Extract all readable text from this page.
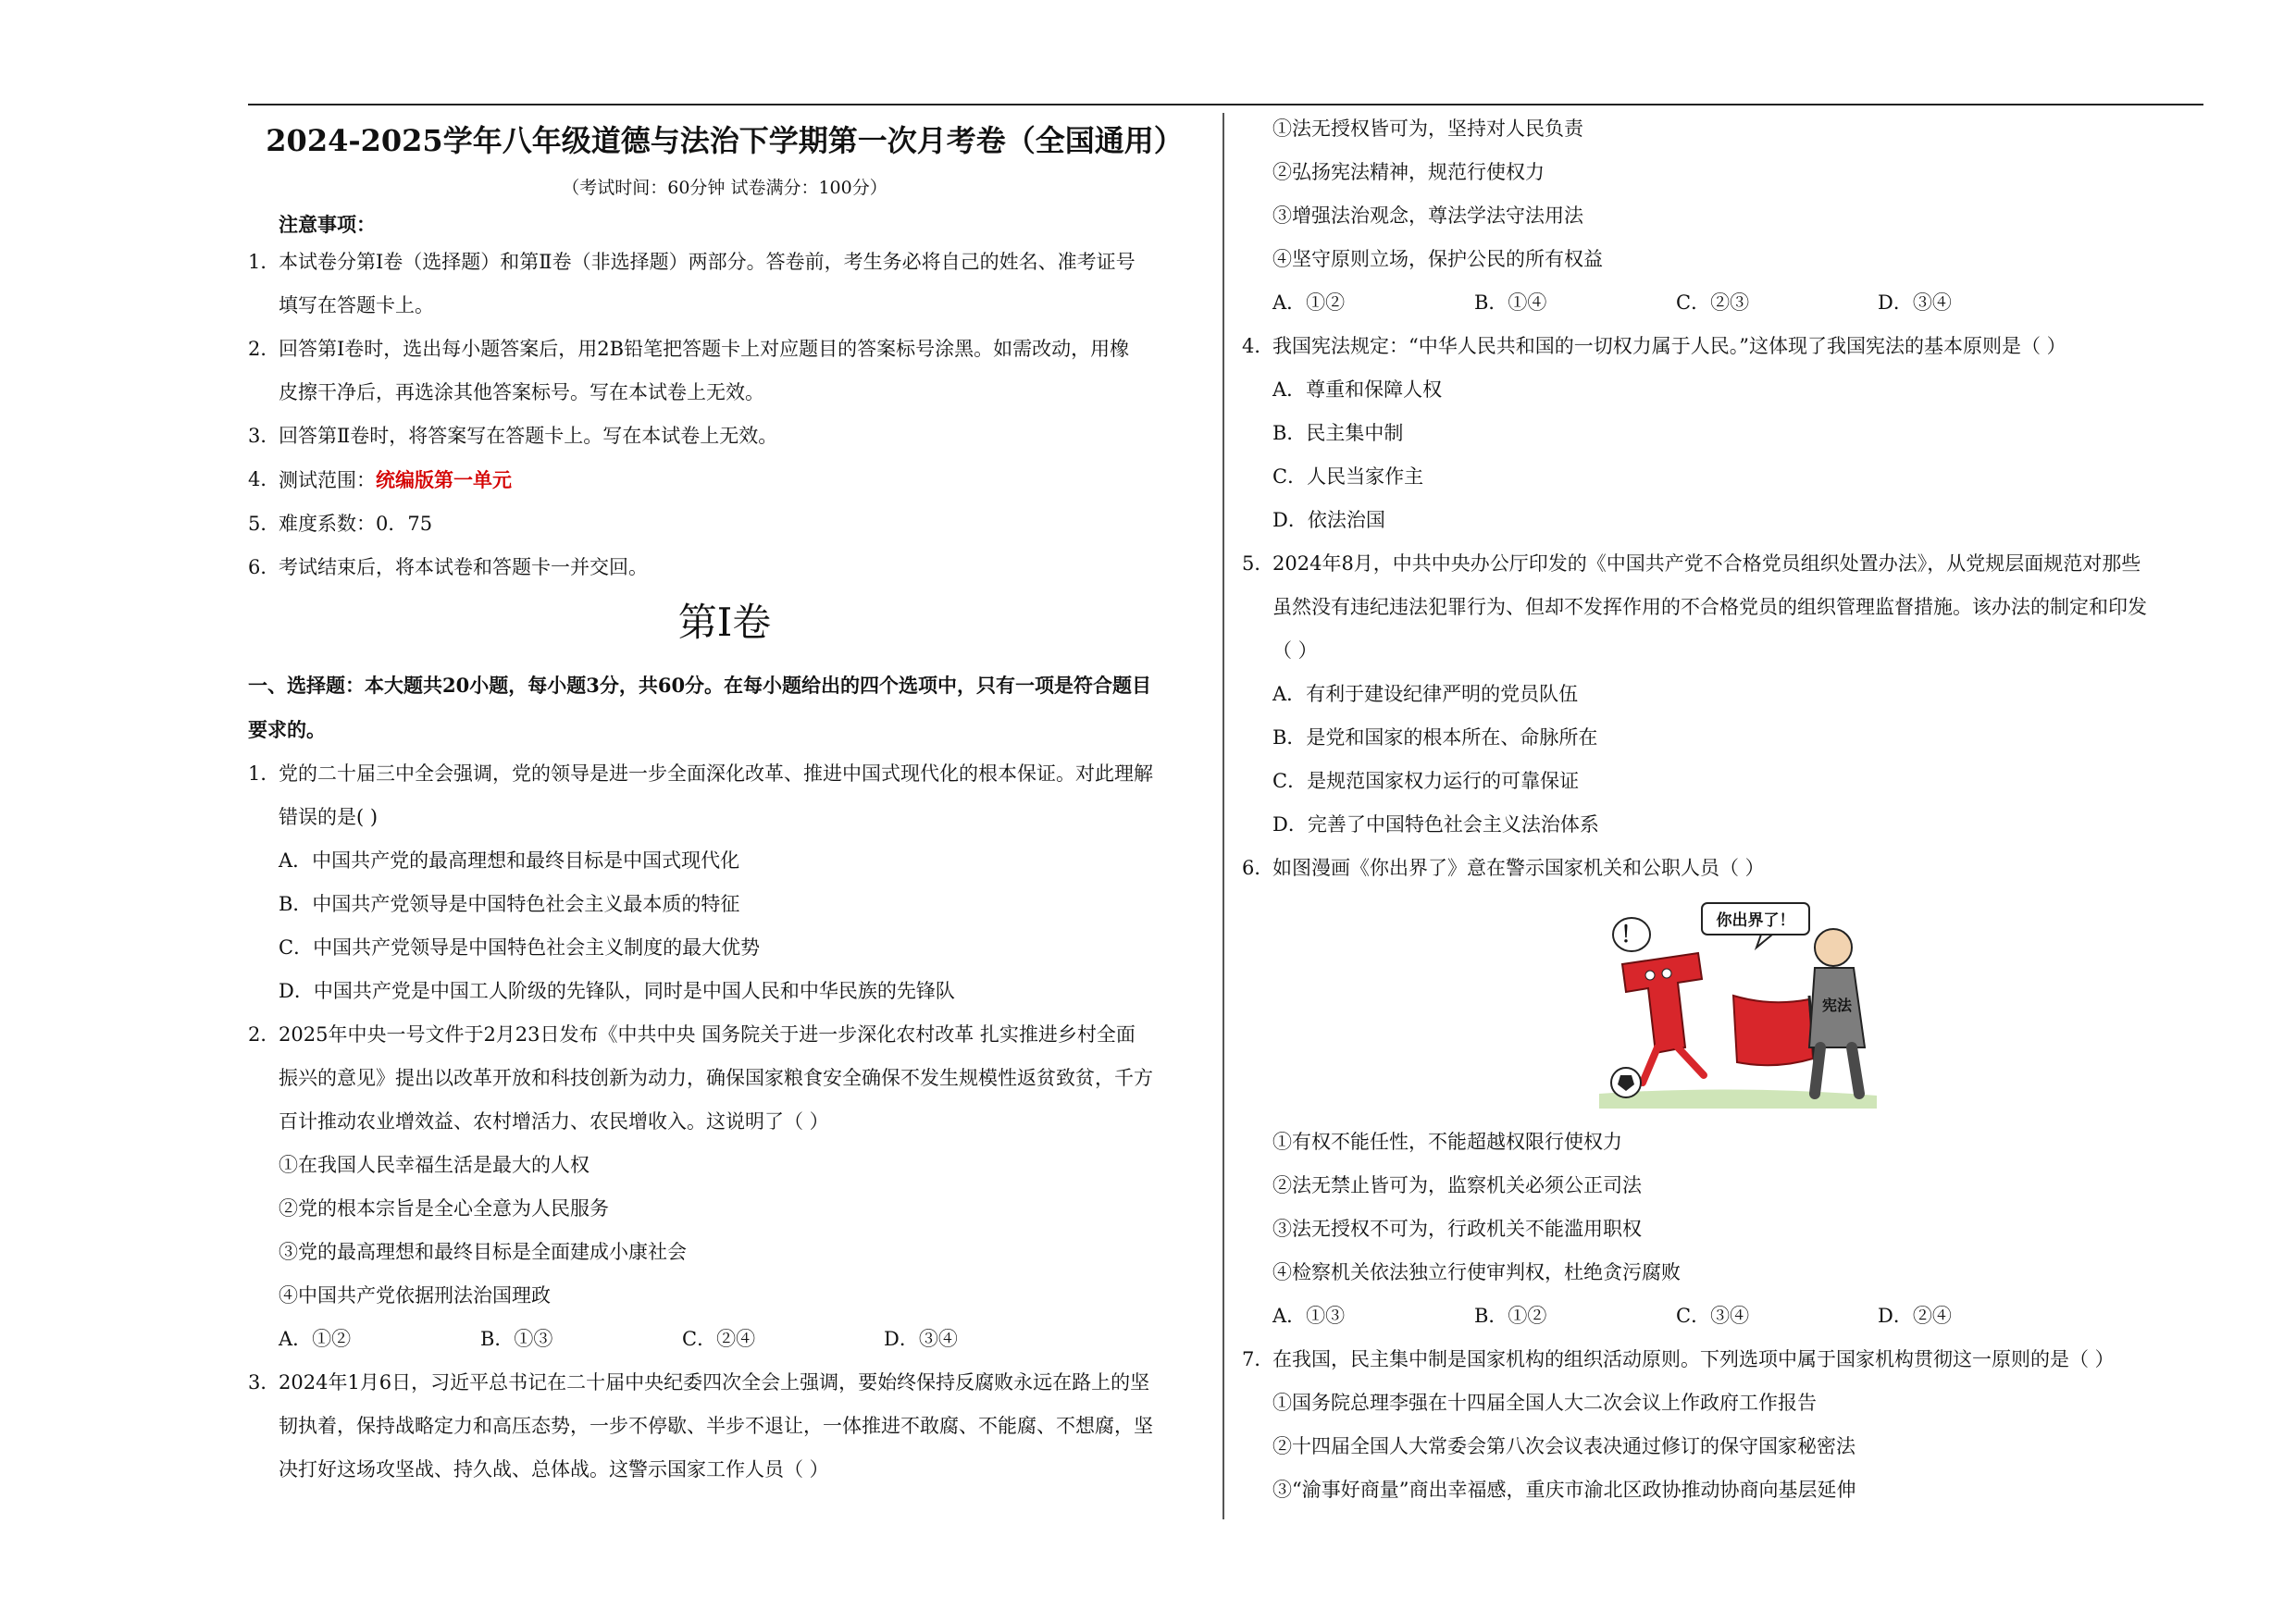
2024-2025学年八年级道德与法治下学期第一次月考卷（全国通用）
（考试时间：60分钟 试卷满分：100分）
注意事项：
1．
本试卷分第Ⅰ卷（选择题）和第Ⅱ卷（非选择题）两部分。答卷前，考生务必将自己的姓名、准考证号
填写在答题卡上。
2．
回答第Ⅰ卷时，选出每小题答案后，用2B铅笔把答题卡上对应题目的答案标号涂黑。如需改动，用橡
皮擦干净后，再选涂其他答案标号。写在本试卷上无效。
3．
回答第Ⅱ卷时，将答案写在答题卡上。写在本试卷上无效。
4．
测试范围：统编版第一单元
5．
难度系数：0．75
6．
考试结束后，将本试卷和答题卡一并交回。
第Ⅰ卷
一、选择题：本大题共20小题，每小题3分，共60分。在每小题给出的四个选项中，只有一项是符合题目
要求的。
1．
党的二十届三中全会强调，党的领导是进一步全面深化改革、推进中国式现代化的根本保证。对此理解
错误的是( )
A．中国共产党的最高理想和最终目标是中国式现代化
B．中国共产党领导是中国特色社会主义最本质的特征
C．中国共产党领导是中国特色社会主义制度的最大优势
D．中国共产党是中国工人阶级的先锋队，同时是中国人民和中华民族的先锋队
2．
2025年中央一号文件于2月23日发布《中共中央 国务院关于进一步深化农村改革 扎实推进乡村全面
振兴的意见》提出以改革开放和科技创新为动力，确保国家粮食安全确保不发生规模性返贫致贫，千方
百计推动农业增效益、农村增活力、农民增收入。这说明了（ ）
①在我国人民幸福生活是最大的人权
②党的根本宗旨是全心全意为人民服务
③党的最高理想和最终目标是全面建成小康社会
④中国共产党依据刑法治国理政
A．①②	B．①③	C．②④	D．③④
3．
2024年1月6日，习近平总书记在二十届中央纪委四次全会上强调，要始终保持反腐败永远在路上的坚
韧执着，保持战略定力和高压态势，一步不停歇、半步不退让，一体推进不敢腐、不能腐、不想腐，坚
决打好这场攻坚战、持久战、总体战。这警示国家工作人员（ ）
①法无授权皆可为，坚持对人民负责
②弘扬宪法精神，规范行使权力
③增强法治观念，尊法学法守法用法
④坚守原则立场，保护公民的所有权益
A．①②	B．①④	C．②③	D．③④
4．
我国宪法规定：“中华人民共和国的一切权力属于人民。”这体现了我国宪法的基本原则是（ ）
A．尊重和保障人权
B．民主集中制
C．人民当家作主
D．依法治国
5．
2024年8月，中共中央办公厅印发的《中国共产党不合格党员组织处置办法》，从党规层面规范对那些
虽然没有违纪违法犯罪行为、但却不发挥作用的不合格党员的组织管理监督措施。该办法的制定和印发
（ ）
A．有利于建设纪律严明的党员队伍
B．是党和国家的根本所在、命脉所在
C．是规范国家权力运行的可靠保证
D．完善了中国特色社会主义法治体系
6．
如图漫画《你出界了》意在警示国家机关和公职人员（ ）
你出界了！
！
宪法
①有权不能任性，不能超越权限行使权力
②法无禁止皆可为，监察机关必须公正司法
③法无授权不可为，行政机关不能滥用职权
④检察机关依法独立行使审判权，杜绝贪污腐败
A．①③	B．①②	C．③④	D．②④
7．
在我国，民主集中制是国家机构的组织活动原则。下列选项中属于国家机构贯彻这一原则的是（ ）
①国务院总理李强在十四届全国人大二次会议上作政府工作报告
②十四届全国人大常委会第八次会议表决通过修订的保守国家秘密法
③“渝事好商量”商出幸福感，重庆市渝北区政协推动协商向基层延伸
